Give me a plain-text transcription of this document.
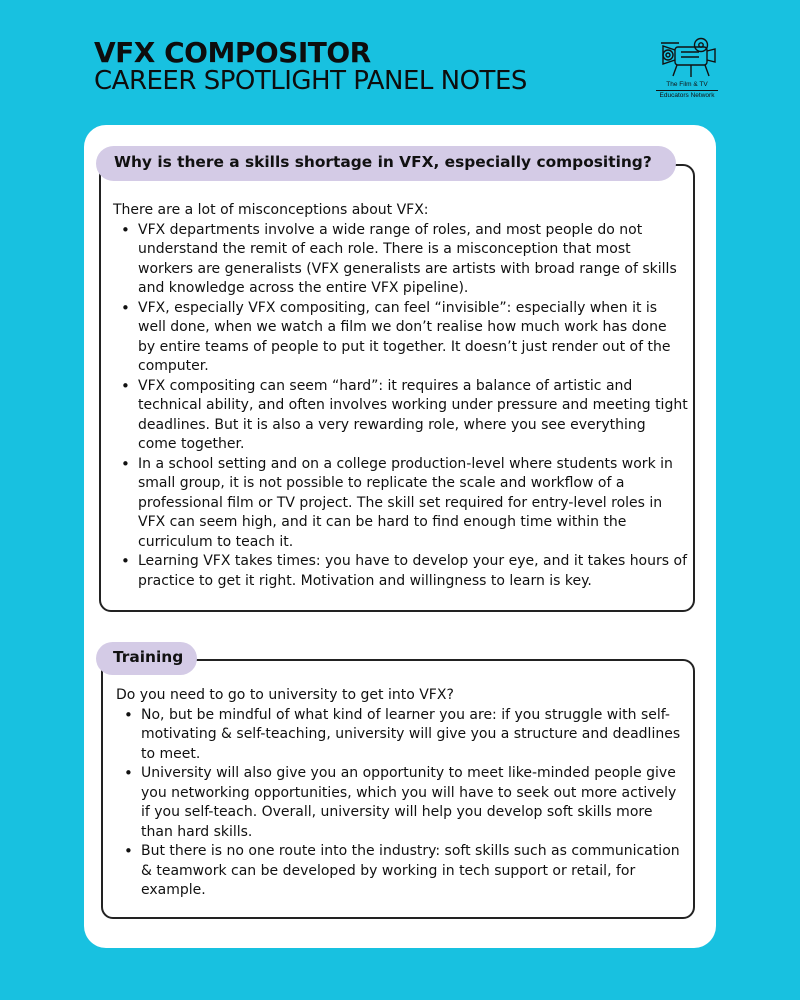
VFX COMPOSITOR
CAREER SPOTLIGHT PANEL NOTES	The Film & TV
Educators Network
Why is there a skills shortage in VFX, especially compositing?
There are a lot of misconceptions about VFX:
• VFX departments involve a wide range of roles, and most people do not understand the remit of each role. There is a misconception that most workers are generalists (VFX generalists are artists with broad range of skills and knowledge across the entire VFX pipeline).
• VFX, especially VFX compositing, can feel “invisible”: especially when it is well done, when we watch a film we don’t realise how much work has done by entire teams of people to put it together. It doesn’t just render out of the computer.
• VFX compositing can seem “hard”: it requires a balance of artistic and technical ability, and often involves working under pressure and meeting tight deadlines. But it is also a very rewarding role, where you see everything come together.
• In a school setting and on a college production-level where students work in small group, it is not possible to replicate the scale and workflow of a professional film or TV project. The skill set required for entry-level roles in VFX can seem high, and it can be hard to find enough time within the curriculum to teach it.
• Learning VFX takes times: you have to develop your eye, and it takes hours of practice to get it right. Motivation and willingness to learn is key.
Training
Do you need to go to university to get into VFX?
• No, but be mindful of what kind of learner you are: if you struggle with self-motivating & self-teaching, university will give you a structure and deadlines to meet.
• University will also give you an opportunity to meet like-minded people give you networking opportunities, which you will have to seek out more actively if you self-teach. Overall, university will help you develop soft skills more than hard skills.
• But there is no one route into the industry: soft skills such as communication & teamwork can be developed by working in tech support or retail, for example.
